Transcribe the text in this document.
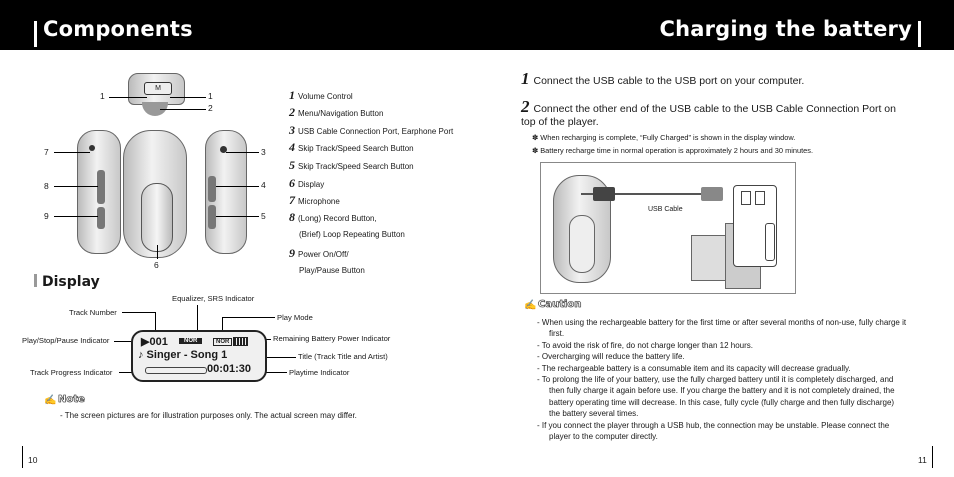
Components	Charging the battery
M
1	1
2
7	3
8	4
9	5
6
1 Volume Control
2 Menu/Navigation Button
3 USB Cable Connection Port, Earphone Port
4 Skip Track/Speed Search Button
5 Skip Track/Speed Search Button
6 Display
7 Microphone
8 (Long) Record Button,
(Brief) Loop Repeating Button
9 Power On/Off/
Play/Pause Button
Display
Equalizer, SRS Indicator
Track Number
Play Mode
Play/Stop/Pause Indicator	Remaining Battery Power Indicator
Title (Track Title and Artist)
Track Progress Indicator	Playtime Indicator
▶001	NOR	NOR
♪ Singer - Song 1
00:01:30
✍ Note
- The screen pictures are for illustration purposes only. The actual screen may differ.
1 Connect the USB cable to the USB port on your computer.
2 Connect the other end of the USB cable to the USB Cable Connection Port on top of the player.
✽ When recharging is complete, “Fully Charged” is shown in the display window.
✽ Battery recharge time in normal operation is approximately 2 hours and 30 minutes.
USB Cable
✍ Caution
- When using the rechargeable battery for the first time or after several months of non-use, fully charge it first.
- To avoid the risk of fire, do not charge longer than 12 hours.
- Overcharging will reduce the battery life.
- The rechargeable battery is a consumable item and its capacity will decrease gradually.
- To prolong the life of your battery, use the fully charged battery until it is completely discharged, and then fully charge it again before use. If you charge the battery and it is not completely drained, the battery operating time will decrease. In this case, fully cycle (fully charge and then fully discharge) the battery several times.
- If you connect the player through a USB hub, the connection may be unstable. Please connect the player to the computer directly.
10	11
